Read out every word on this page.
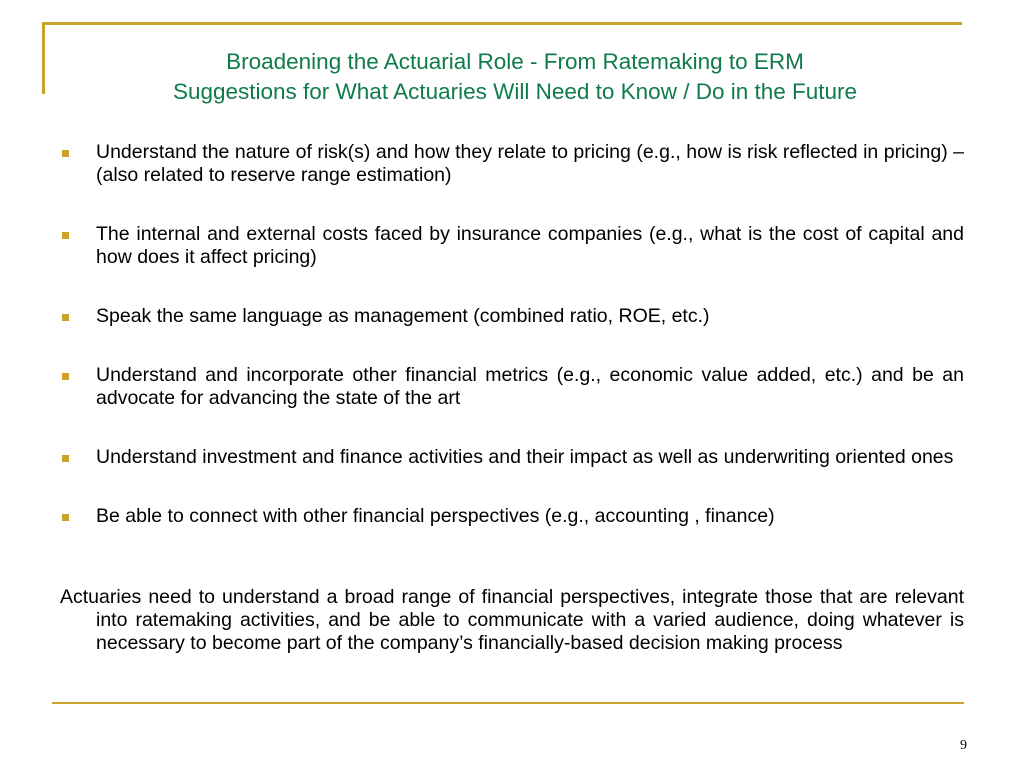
Broadening the Actuarial Role - From Ratemaking to ERM
Suggestions for What Actuaries Will Need to Know / Do in the Future
Understand the nature of risk(s) and how they relate to pricing (e.g., how is risk reflected in pricing) – (also related to reserve range estimation)
The internal and external costs faced by insurance companies (e.g., what is the cost of capital and how does it affect pricing)
Speak the same language as management (combined ratio, ROE, etc.)
Understand and incorporate other financial metrics (e.g., economic value added, etc.) and be an advocate for advancing the state of the art
Understand investment and finance activities and their impact as well as underwriting oriented ones
Be able to connect with other financial perspectives (e.g., accounting , finance)
Actuaries need to understand a broad range of financial perspectives, integrate those that are relevant into ratemaking activities, and be able to communicate with a varied audience, doing whatever is necessary to become part of the company’s financially-based decision making process
9
